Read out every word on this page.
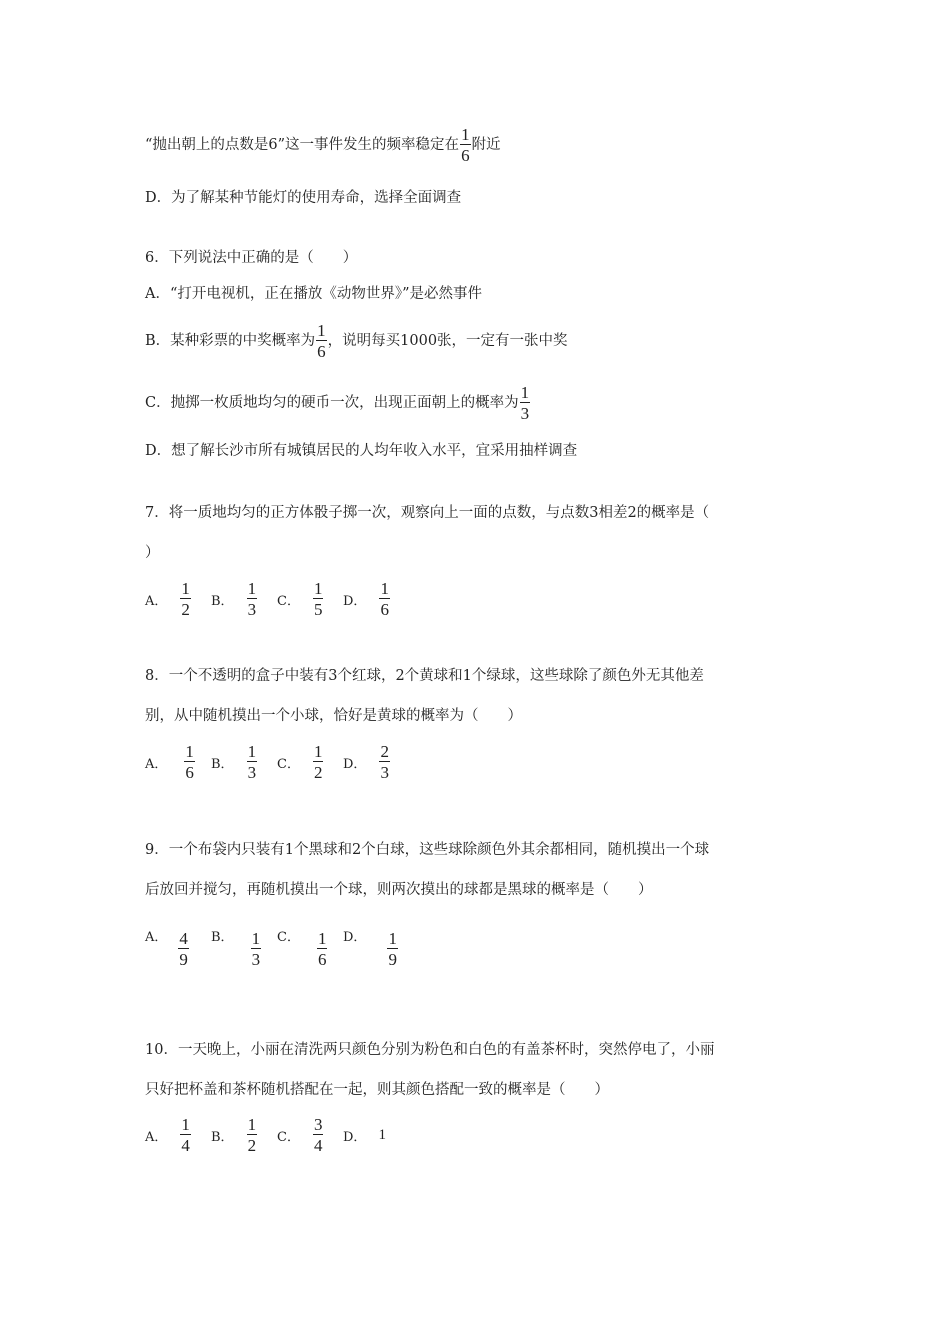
“抛出朝上的点数是6”这一事件发生的频率稳定在 $\frac{1}{6}$ 附近
D．为了解某种节能灯的使用寿命，选择全面调查
6．下列说法中正确的是（　　）
A．“打开电视机，正在播放《动物世界》”是必然事件
B．某种彩票的中奖概率为 $\frac{1}{6}$ ，说明每买1000张，一定有一张中奖
C．抛掷一枚质地均匀的硬币一次，出现正面朝上的概率为 $\frac{1}{3}$
D．想了解长沙市所有城镇居民的人均年收入水平，宜采用抽样调查
7．将一质地均匀的正方体骰子掷一次，观察向上一面的点数，与点数3相差2的概率是（
）
A． $\frac{1}{2}$ B． $\frac{1}{3}$ C． $\frac{1}{5}$ D． $\frac{1}{6}$
8．一个不透明的盒子中装有3个红球，2个黄球和1个绿球，这些球除了颜色外无其他差
别，从中随机摸出一个小球，恰好是黄球的概率为（　　）
A． $\frac{1}{6}$ B． $\frac{1}{3}$ C． $\frac{1}{2}$ D． $\frac{2}{3}$
9．一个布袋内只装有1个黑球和2个白球，这些球除颜色外其余都相同，随机摸出一个球
后放回并搅匀，再随机摸出一个球，则两次摸出的球都是黑球的概率是（　　）
A． $\frac{4}{9}$ B． $\frac{1}{3}$ C． $\frac{1}{6}$ D． $\frac{1}{9}$
10．一天晚上，小丽在清洗两只颜色分别为粉色和白色的有盖茶杯时，突然停电了，小丽
只好把杯盖和茶杯随机搭配在一起，则其颜色搭配一致的概率是（　　）
A． $\frac{1}{4}$ B． $\frac{1}{2}$ C． $\frac{3}{4}$ D． 1
